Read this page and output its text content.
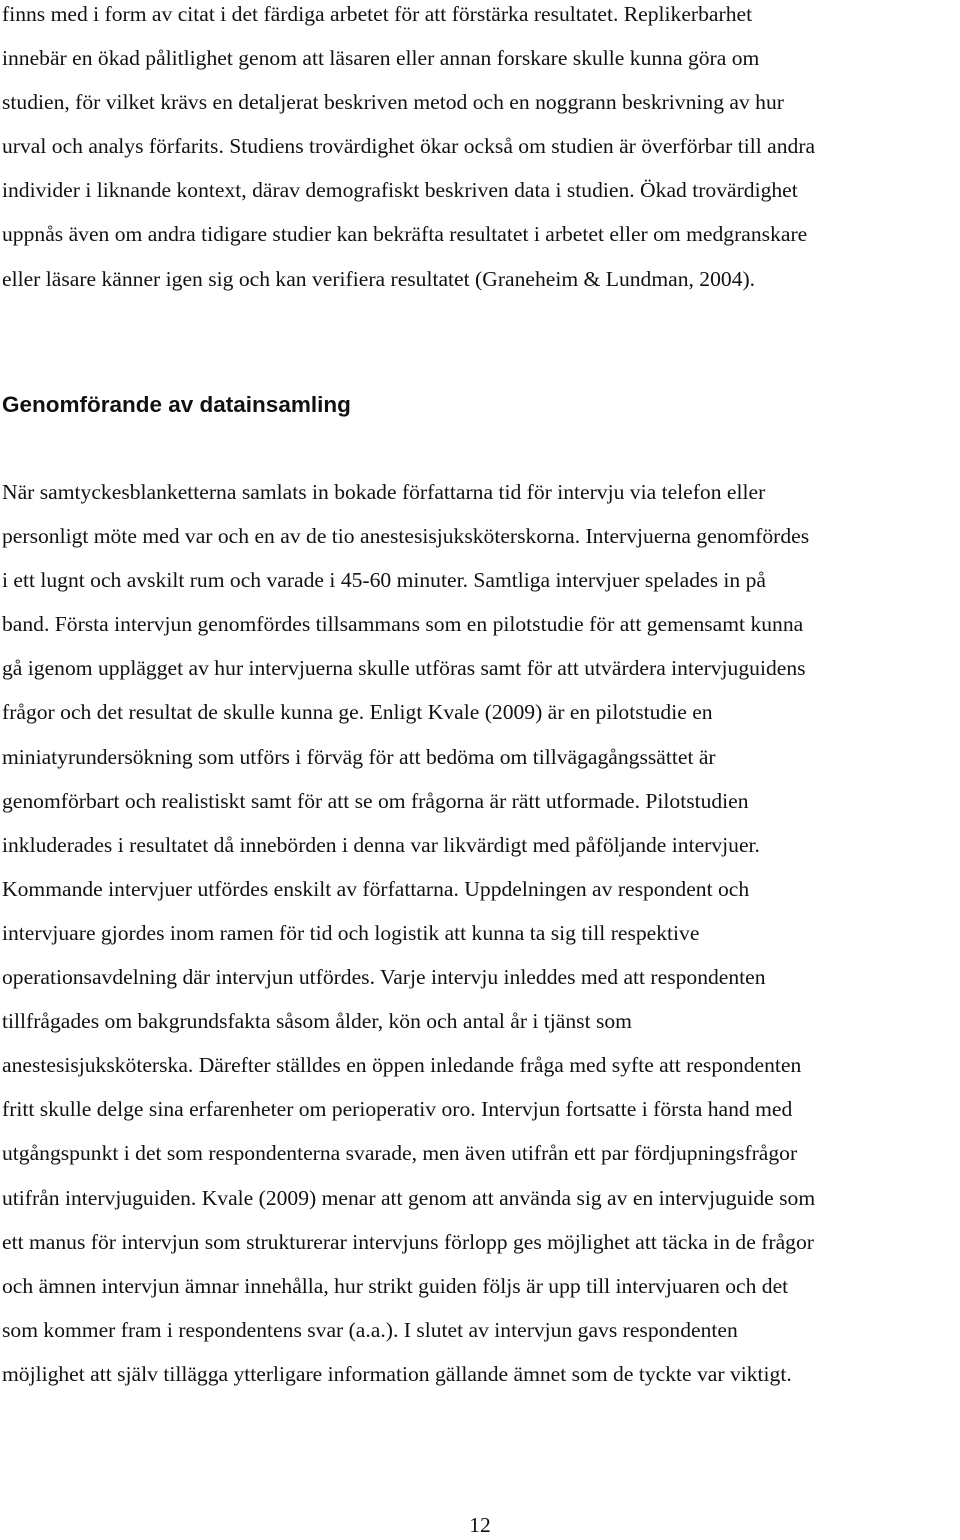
finns med i form av citat i det färdiga arbetet för att förstärka resultatet. Replikerbarhet
innebär en ökad pålitlighet genom att läsaren eller annan forskare skulle kunna göra om
studien, för vilket krävs en detaljerat beskriven metod och en noggrann beskrivning av hur
urval och analys förfarits. Studiens trovärdighet ökar också om studien är överförbar till andra
individer i liknande kontext, därav demografiskt beskriven data i studien. Ökad trovärdighet
uppnås även om andra tidigare studier kan bekräfta resultatet i arbetet eller om medgranskare
eller läsare känner igen sig och kan verifiera resultatet (Graneheim & Lundman, 2004).

Genomförande av datainsamling

När samtyckesblanketterna samlats in bokade författarna tid för intervju via telefon eller
personligt möte med var och en av de tio anestesisjuksköterskorna. Intervjuerna genomfördes
i ett lugnt och avskilt rum och varade i 45-60 minuter. Samtliga intervjuer spelades in på
band. Första intervjun genomfördes tillsammans som en pilotstudie för att gemensamt kunna
gå igenom upplägget av hur intervjuerna skulle utföras samt för att utvärdera intervjuguidens
frågor och det resultat de skulle kunna ge. Enligt Kvale (2009) är en pilotstudie en
miniatyrundersökning som utförs i förväg för att bedöma om tillvägagångssättet är
genomförbart och realistiskt samt för att se om frågorna är rätt utformade. Pilotstudien
inkluderades i resultatet då innebörden i denna var likvärdigt med påföljande intervjuer.
Kommande intervjuer utfördes enskilt av författarna. Uppdelningen av respondent och
intervjuare gjordes inom ramen för tid och logistik att kunna ta sig till respektive
operationsavdelning där intervjun utfördes. Varje intervju inleddes med att respondenten
tillfrågades om bakgrundsfakta såsom ålder, kön och antal år i tjänst som
anestesisjuksköterska. Därefter ställdes en öppen inledande fråga med syfte att respondenten
fritt skulle delge sina erfarenheter om perioperativ oro. Intervjun fortsatte i första hand med
utgångspunkt i det som respondenterna svarade, men även utifrån ett par fördjupningsfrågor
utifrån intervjuguiden. Kvale (2009) menar att genom att använda sig av en intervjuguide som
ett manus för intervjun som strukturerar intervjuns förlopp ges möjlighet att täcka in de frågor
och ämnen intervjun ämnar innehålla, hur strikt guiden följs är upp till intervjuaren och det
som kommer fram i respondentens svar (a.a.). I slutet av intervjun gavs respondenten
möjlighet att själv tillägga ytterligare information gällande ämnet som de tyckte var viktigt.

12
